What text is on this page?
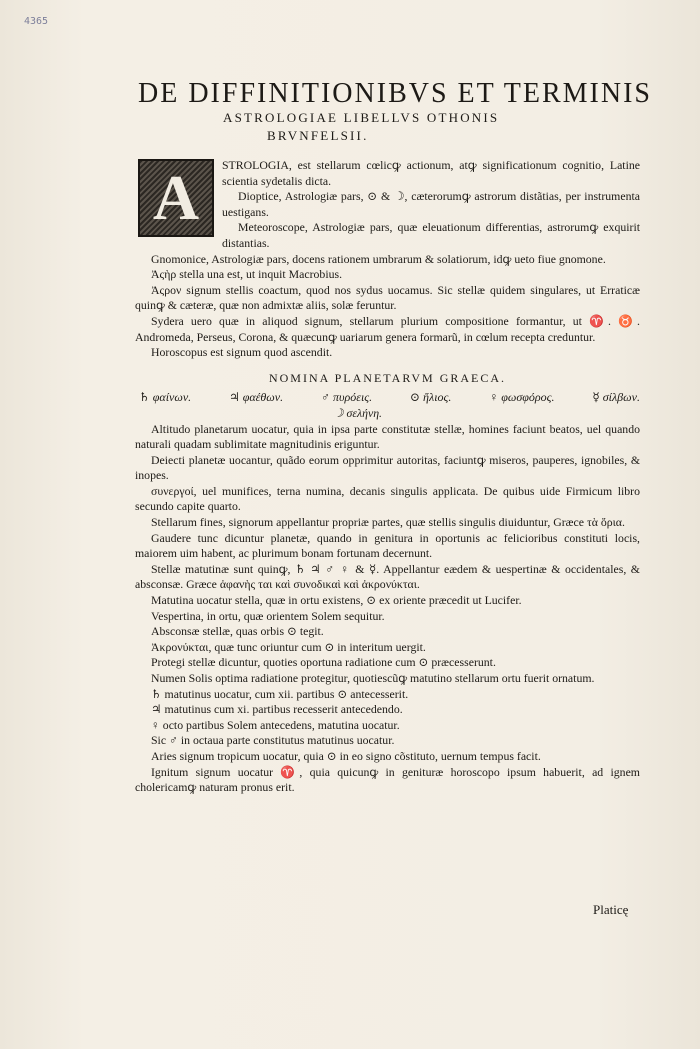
4365
DE DIFFINITIONIBVS ET TERMINIS
ASTROLOGIAE LIBELLVS OTHONIS
BRVNFELSII.
A	STROLOGIA, est stellarum cœlicꝙ actionum, atꝙ significationum cognitio, Latine scientia sydetalis dicta.

Dioptice, Astrologiæ pars, ⊙ & ☽, cæterorumꝙ astrorum distãtias, per instrumenta uestigans.

Meteoroscope, Astrologiæ pars, quæ eleuationum differentias, astrorumꝙ exquirit distantias.

Gnomonice, Astrologiæ pars, docens rationem umbrarum & solatiorum, idꝙ ueto fiue gnomone.

Ἀςὴρ stella una est, ut inquit Macrobius.

Ἀςρον signum stellis coactum, quod nos sydus uocamus. Sic stellæ quidem singulares, ut Erraticæ quinꝙ & cæteræ, quæ non admixtæ aliis, solæ feruntur.

Sydera uero quæ in aliquod signum, stellarum plurium compositione formantur, ut ♈. ♉. Andromeda, Perseus, Corona, & quæcunꝙ uariarum genera formarũ, in cœlum recepta creduntur.

Horoscopus est signum quod ascendit.

NOMINA PLANETARVM GRAECA.
♄ φαίνων.	♃ φαέθων.	♂ πυρόεις.	⊙ ἥλιος.	♀ φωσφόρος.	☿ σίλβων.
☽ σελήνη.

Altitudo planetarum uocatur, quia in ipsa parte constitutæ stellæ, homines faciunt beatos, uel quando naturali quadam sublimitate magnitudinis eriguntur.

Deiecti planetæ uocantur, quãdo eorum opprimitur autoritas, faciuntꝙ miseros, pauperes, ignobiles, & inopes.

συνεργοί, uel munifices, terna numina, decanis singulis applicata. De quibus uide Firmicum libro secundo capite quarto.

Stellarum fines, signorum appellantur propriæ partes, quæ stellis singulis diuiduntur, Græce τὰ ὅρια.

Gaudere tunc dicuntur planetæ, quando in genitura in oportunis ac felicioribus constituti locis, maiorem uim habent, ac plurimum bonam fortunam decernunt.

Stellæ matutinæ sunt quinꝙ, ♄ ♃ ♂ ♀ & ☿. Appellantur eædem & uespertinæ & occidentales, & absconsæ. Græce ἀφανὴς ται καὶ συνοδικαὶ καὶ ἀκρονύκται.

Matutina uocatur stella, quæ in ortu existens, ⊙ ex oriente præcedit ut Lucifer.

Vespertina, in ortu, quæ orientem Solem sequitur.

Absconsæ stellæ, quas orbis ⊙ tegit.

Ἀκρονύκται, quæ tunc oriuntur cum ⊙ in interitum uergit.

Protegi stellæ dicuntur, quoties oportuna radiatione cum ⊙ præcesserunt.

Numen Solis optima radiatione protegitur, quotiescũꝙ matutino stellarum ortu fuerit ornatum.

♄ matutinus uocatur, cum xii. partibus ⊙ antecesserit.

♃ matutinus cum xi. partibus recesserit antecedendo.

♀ octo partibus Solem antecedens, matutina uocatur.

Sic ♂ in octaua parte constitutus matutinus uocatur.

Aries signum tropicum uocatur, quia ⊙ in eo signo cõstituto, uernum tempus facit.

Ignitum signum uocatur ♈, quia quicunꝙ in genituræ horoscopo ipsum habuerit, ad ignem cholericamꝙ naturam pronus erit.

Platicę
